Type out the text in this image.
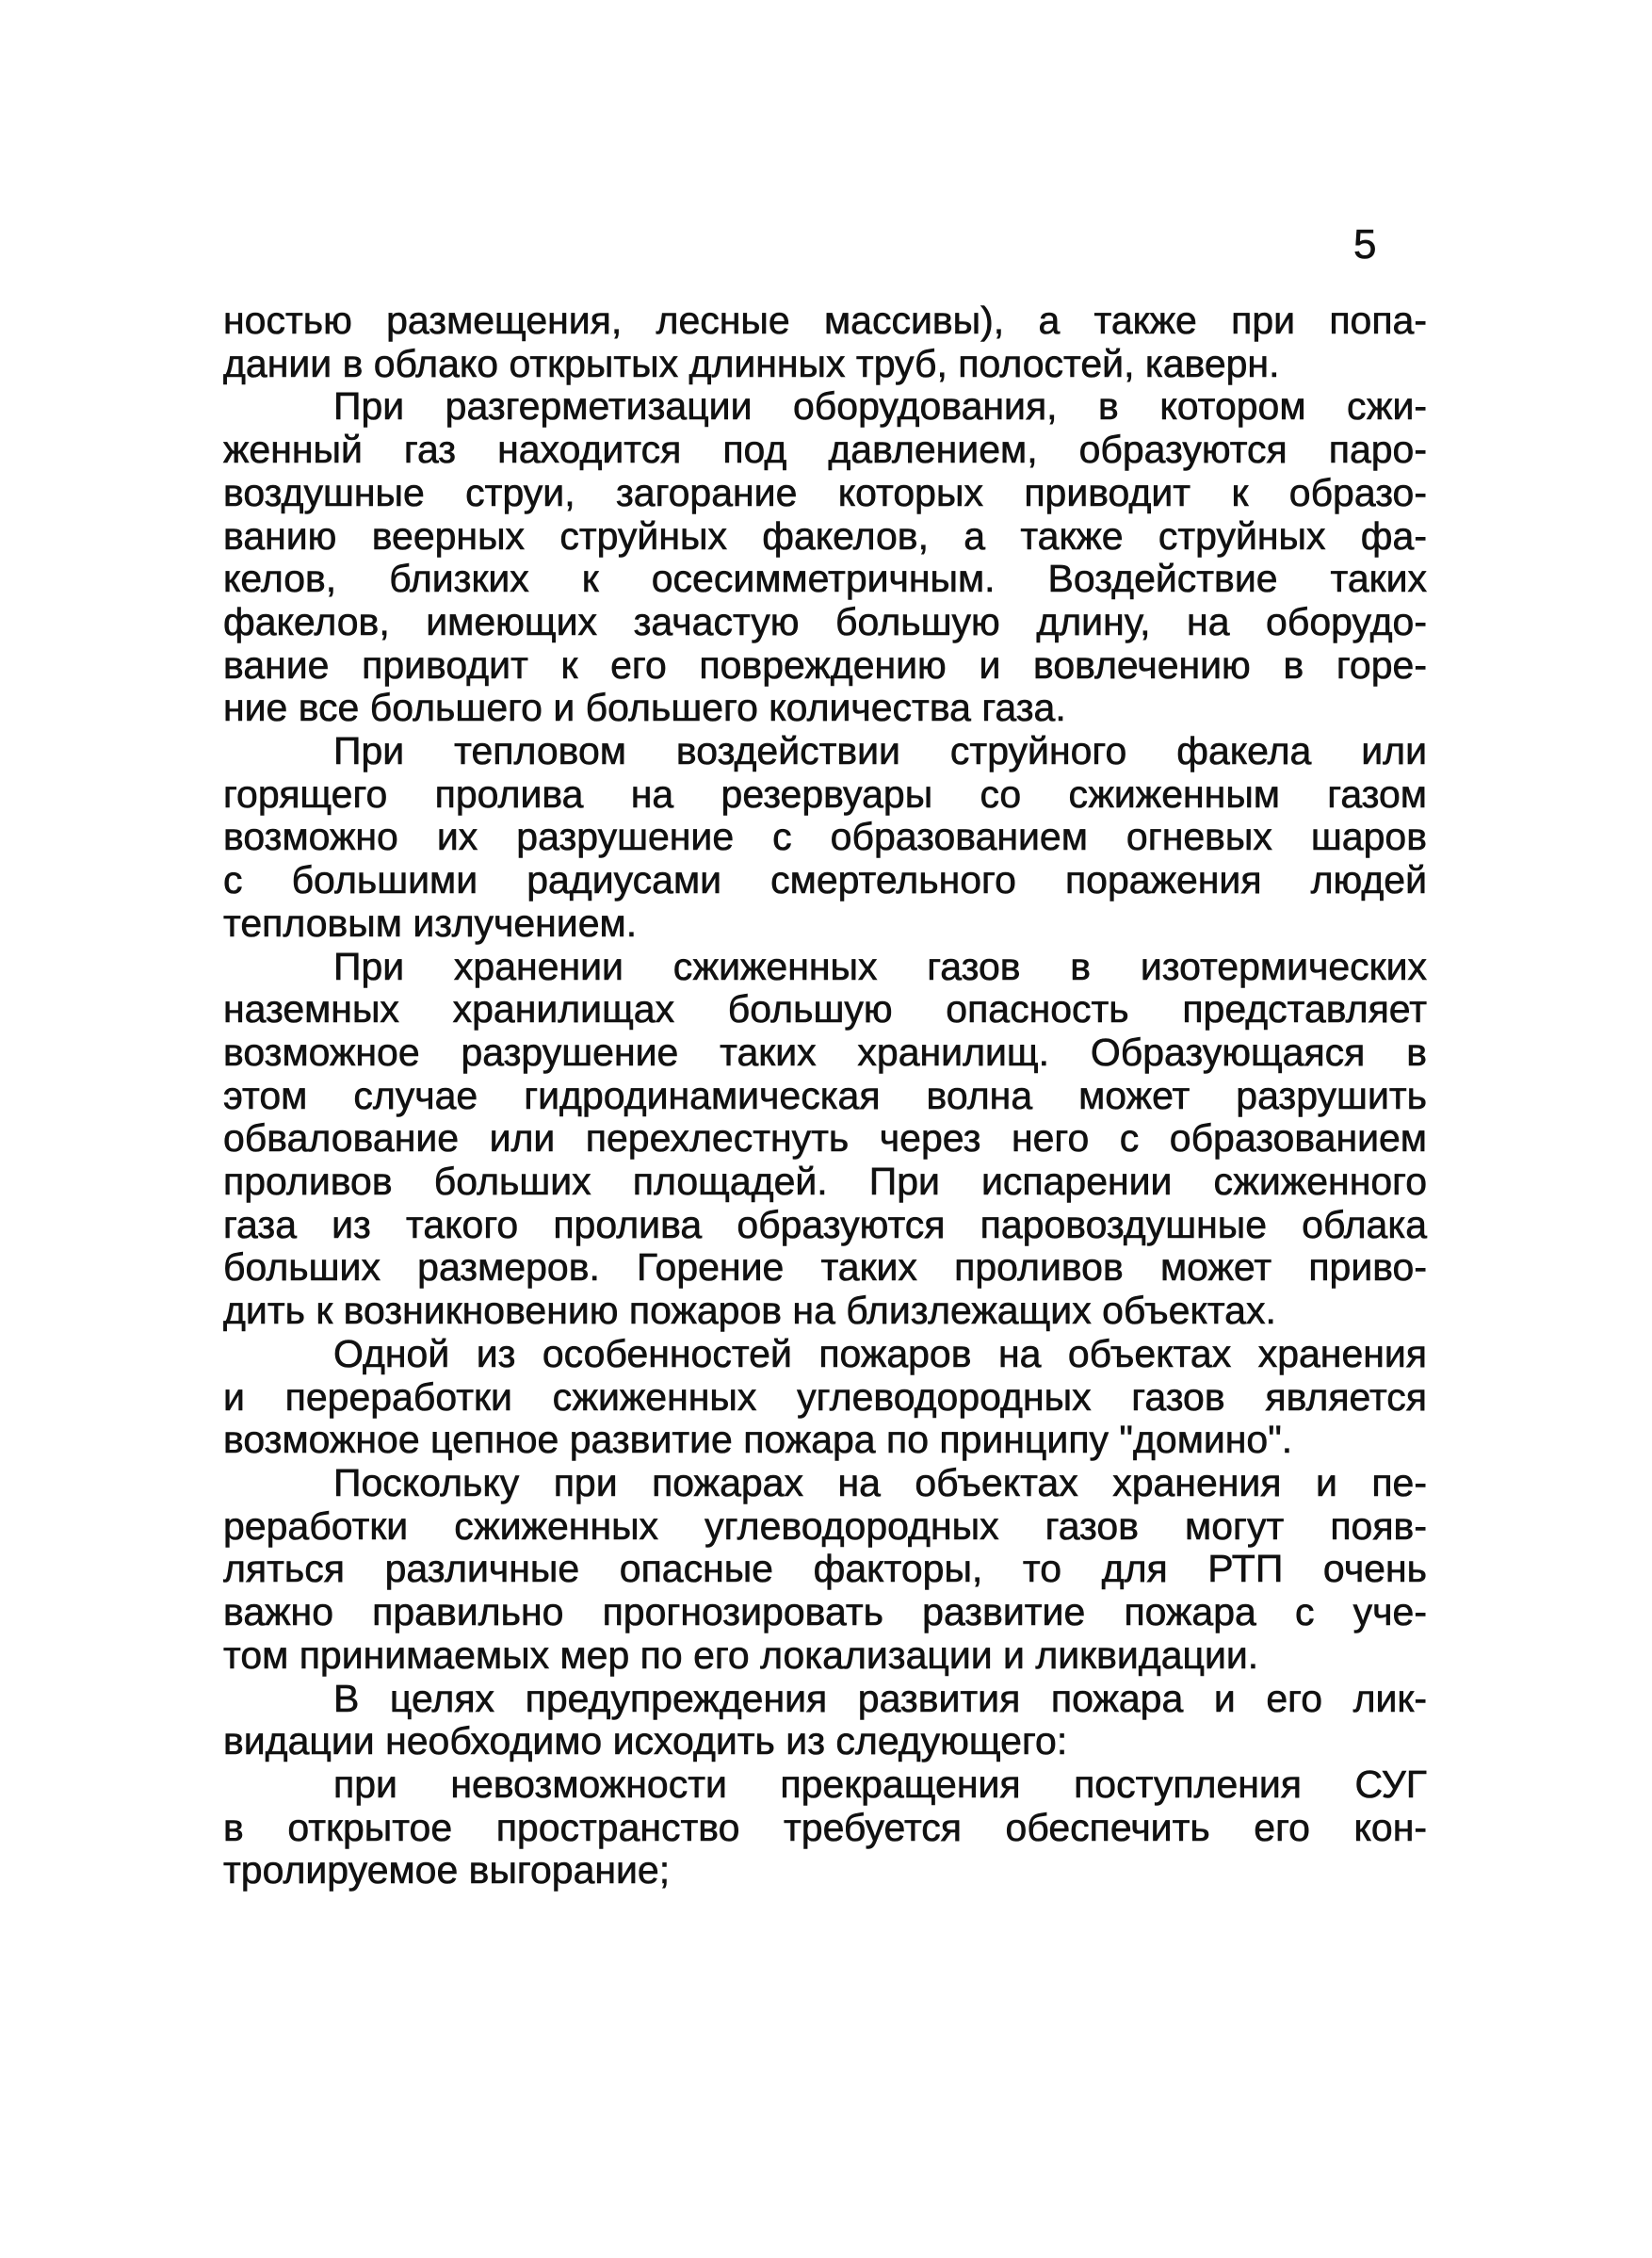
5
ностью размещения, лесные массивы), а также при попа-
дании в облако открытых длинных труб, полостей, каверн.
При разгерметизации оборудования, в котором сжи-
женный газ находится под давлением, образуются паро-
воздушные струи, загорание которых приводит к образо-
ванию веерных струйных факелов, а также струйных фа-
келов, близких к осесимметричным. Воздействие таких
факелов, имеющих зачастую большую длину, на оборудо-
вание приводит к его повреждению и вовлечению в горе-
ние все большего и большего количества газа.
При тепловом воздействии струйного факела или
горящего пролива на резервуары со сжиженным газом
возможно их разрушение с образованием огневых шаров
с большими радиусами смертельного поражения людей
тепловым излучением.
При хранении сжиженных газов в изотермических
наземных хранилищах большую опасность представляет
возможное разрушение таких хранилищ. Образующаяся в
этом случае гидродинамическая волна может разрушить
обвалование или перехлестнуть через него с образованием
проливов больших площадей. При испарении сжиженного
газа из такого пролива образуются паровоздушные облака
больших размеров. Горение таких проливов может приво-
дить к возникновению пожаров на близлежащих объектах.
Одной из особенностей пожаров на объектах хранения
и переработки сжиженных углеводородных газов является
возможное цепное развитие пожара по принципу "домино".
Поскольку при пожарах на объектах хранения и пе-
реработки сжиженных углеводородных газов могут появ-
ляться различные опасные факторы, то для РТП очень
важно правильно прогнозировать развитие пожара с уче-
том принимаемых мер по его локализации и ликвидации.
В целях предупреждения развития пожара и его лик-
видации необходимо исходить из следующего:
при невозможности прекращения поступления СУГ
в открытое пространство требуется обеспечить его кон-
тролируемое выгорание;
